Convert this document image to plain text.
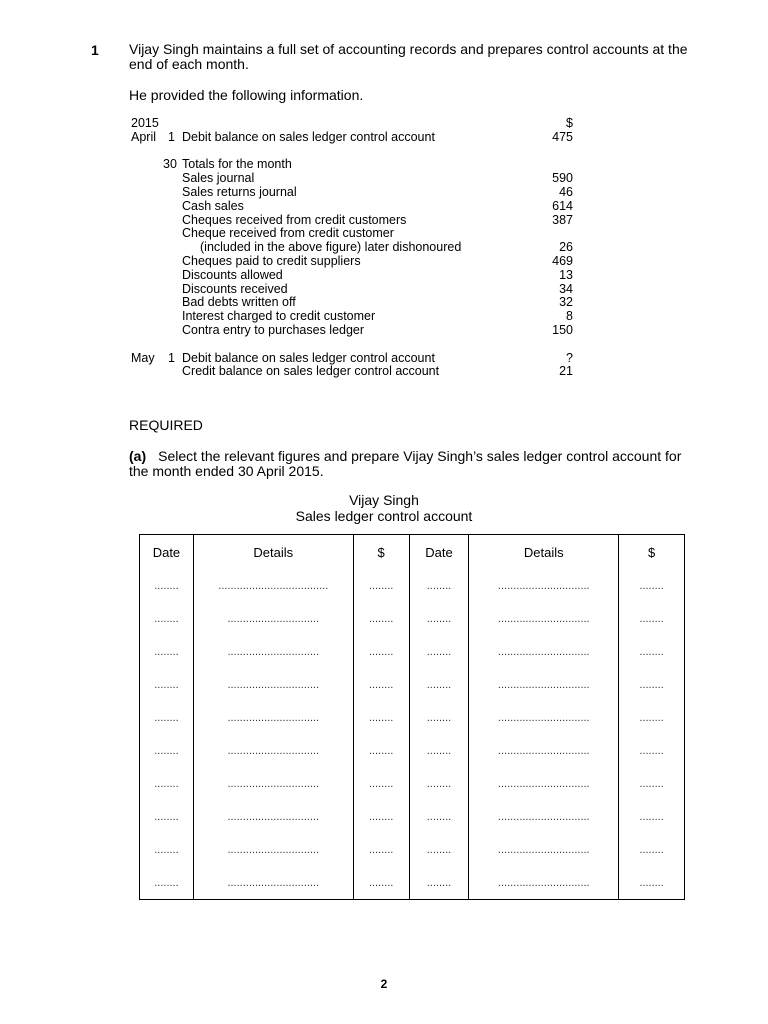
1 Vijay Singh maintains a full set of accounting records and prepares control accounts at the end of each month.
He provided the following information.
2015	$
April 1 Debit balance on sales ledger control account	475
30 Totals for the month
Sales journal	590
Sales returns journal	46
Cash sales	614
Cheques received from credit customers	387
Cheque received from credit customer
(included in the above figure) later dishonoured	26
Cheques paid to credit suppliers	469
Discounts allowed	13
Discounts received	34
Bad debts written off	32
Interest charged to credit customer	8
Contra entry to purchases ledger	150
May	1 Debit balance on sales ledger control account	?
Credit balance on sales ledger control account	21
REQUIRED
(a) Select the relevant figures and prepare Vijay Singh’s sales ledger control account for the month ended 30 April 2015.
Vijay Singh
Sales ledger control account
Date	Details	$	Date	Details	$
........	....................................	........	........	..............................	........
........	..............................	........	........	..............................	........
........	..............................	........	........	..............................	........
........	..............................	........	........	..............................	........
........	..............................	........	........	..............................	........
........	..............................	........	........	..............................	........
........	..............................	........	........	..............................	........
........	..............................	........	........	..............................	........
........	..............................	........	........	..............................	........
........	..............................	........	........	..............................	........
2
